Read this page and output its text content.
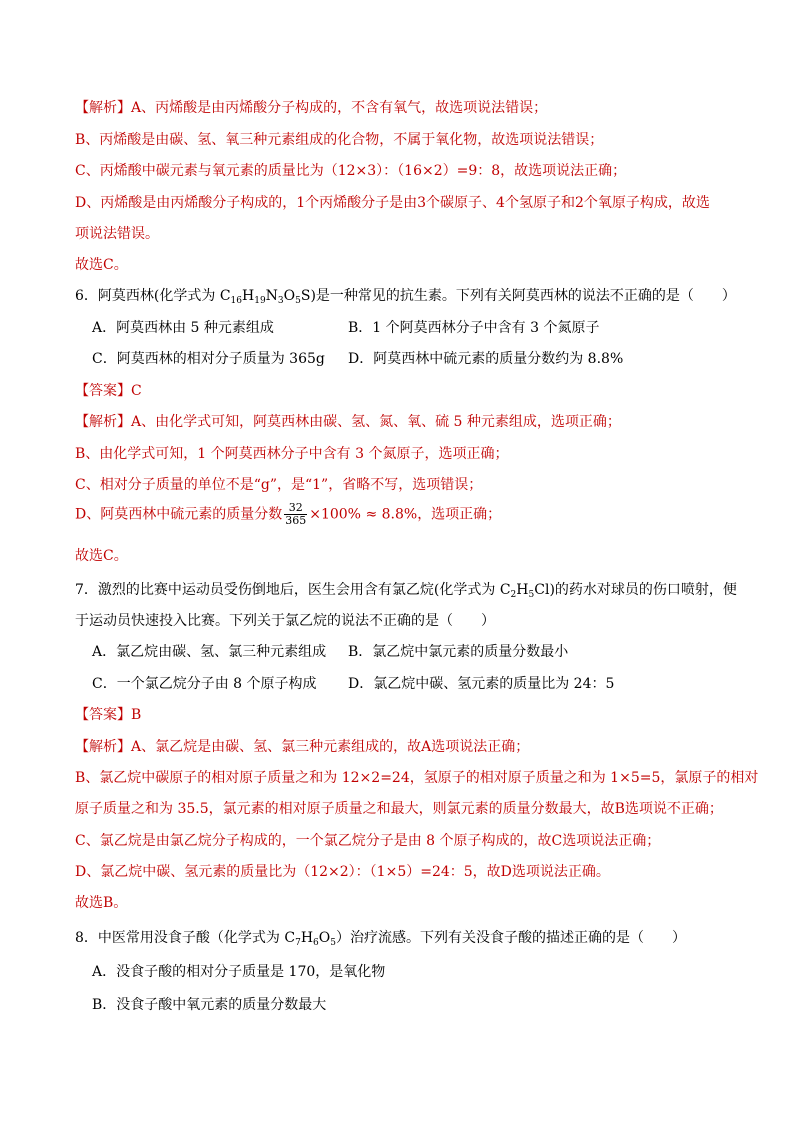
【解析】A、丙烯酸是由丙烯酸分子构成的，不含有氧气，故选项说法错误；
B、丙烯酸是由碳、氢、氧三种元素组成的化合物，不属于氧化物，故选项说法错误；
C、丙烯酸中碳元素与氧元素的质量比为（12×3）：（16×2）=9：8，故选项说法正确；
D、丙烯酸是由丙烯酸分子构成的，1个丙烯酸分子是由3个碳原子、4个氢原子和2个氧原子构成，故选
项说法错误。
故选C。
6．阿莫西林(化学式为 $C_{16}H_{19}N_3O_5S$)是一种常见的抗生素。下列有关阿莫西林的说法不正确的是（　　）
A．阿莫西林由 5 种元素组成	B．1 个阿莫西林分子中含有 3 个氮原子
C．阿莫西林的相对分子质量为 365g D．阿莫西林中硫元素的质量分数约为 8.8%
【答案】C
【解析】A、由化学式可知，阿莫西林由碳、氢、氮、氧、硫 5 种元素组成，选项正确；
B、由化学式可知，1 个阿莫西林分子中含有 3 个氮原子，选项正确；
C、相对分子质量的单位不是“g”，是“1”，省略不写，选项错误；
D、阿莫西林中硫元素的质量分数 $\frac{32}{365} \times 100\% \approx 8.8\%$，选项正确；
故选C。
7．激烈的比赛中运动员受伤倒地后，医生会用含有氯乙烷(化学式为 $C_2H_5Cl$)的药水对球员的伤口喷射，便
于运动员快速投入比赛。下列关于氯乙烷的说法不正确的是（　　）
A．氯乙烷由碳、氢、氯三种元素组成 B．氯乙烷中氯元素的质量分数最小
C．一个氯乙烷分子由 8 个原子构成 D．氯乙烷中碳、氢元素的质量比为 24：5
【答案】B
【解析】A、氯乙烷是由碳、氢、氯三种元素组成的，故A选项说法正确；
B、氯乙烷中碳原子的相对原子质量之和为 12×2=24，氢原子的相对原子质量之和为 1×5=5，氯原子的相对
原子质量之和为 35.5，氯元素的相对原子质量之和最大，则氯元素的质量分数最大，故B选项说不正确；
C、氯乙烷是由氯乙烷分子构成的，一个氯乙烷分子是由 8 个原子构成的，故C选项说法正确；
D、氯乙烷中碳、氢元素的质量比为（12×2）：（1×5）=24：5，故D选项说法正确。
故选B。
8．中医常用没食子酸（化学式为 $C_7H_6O_5$）治疗流感。下列有关没食子酸的描述正确的是（　　）
A．没食子酸的相对分子质量是 170，是氧化物
B．没食子酸中氧元素的质量分数最大
